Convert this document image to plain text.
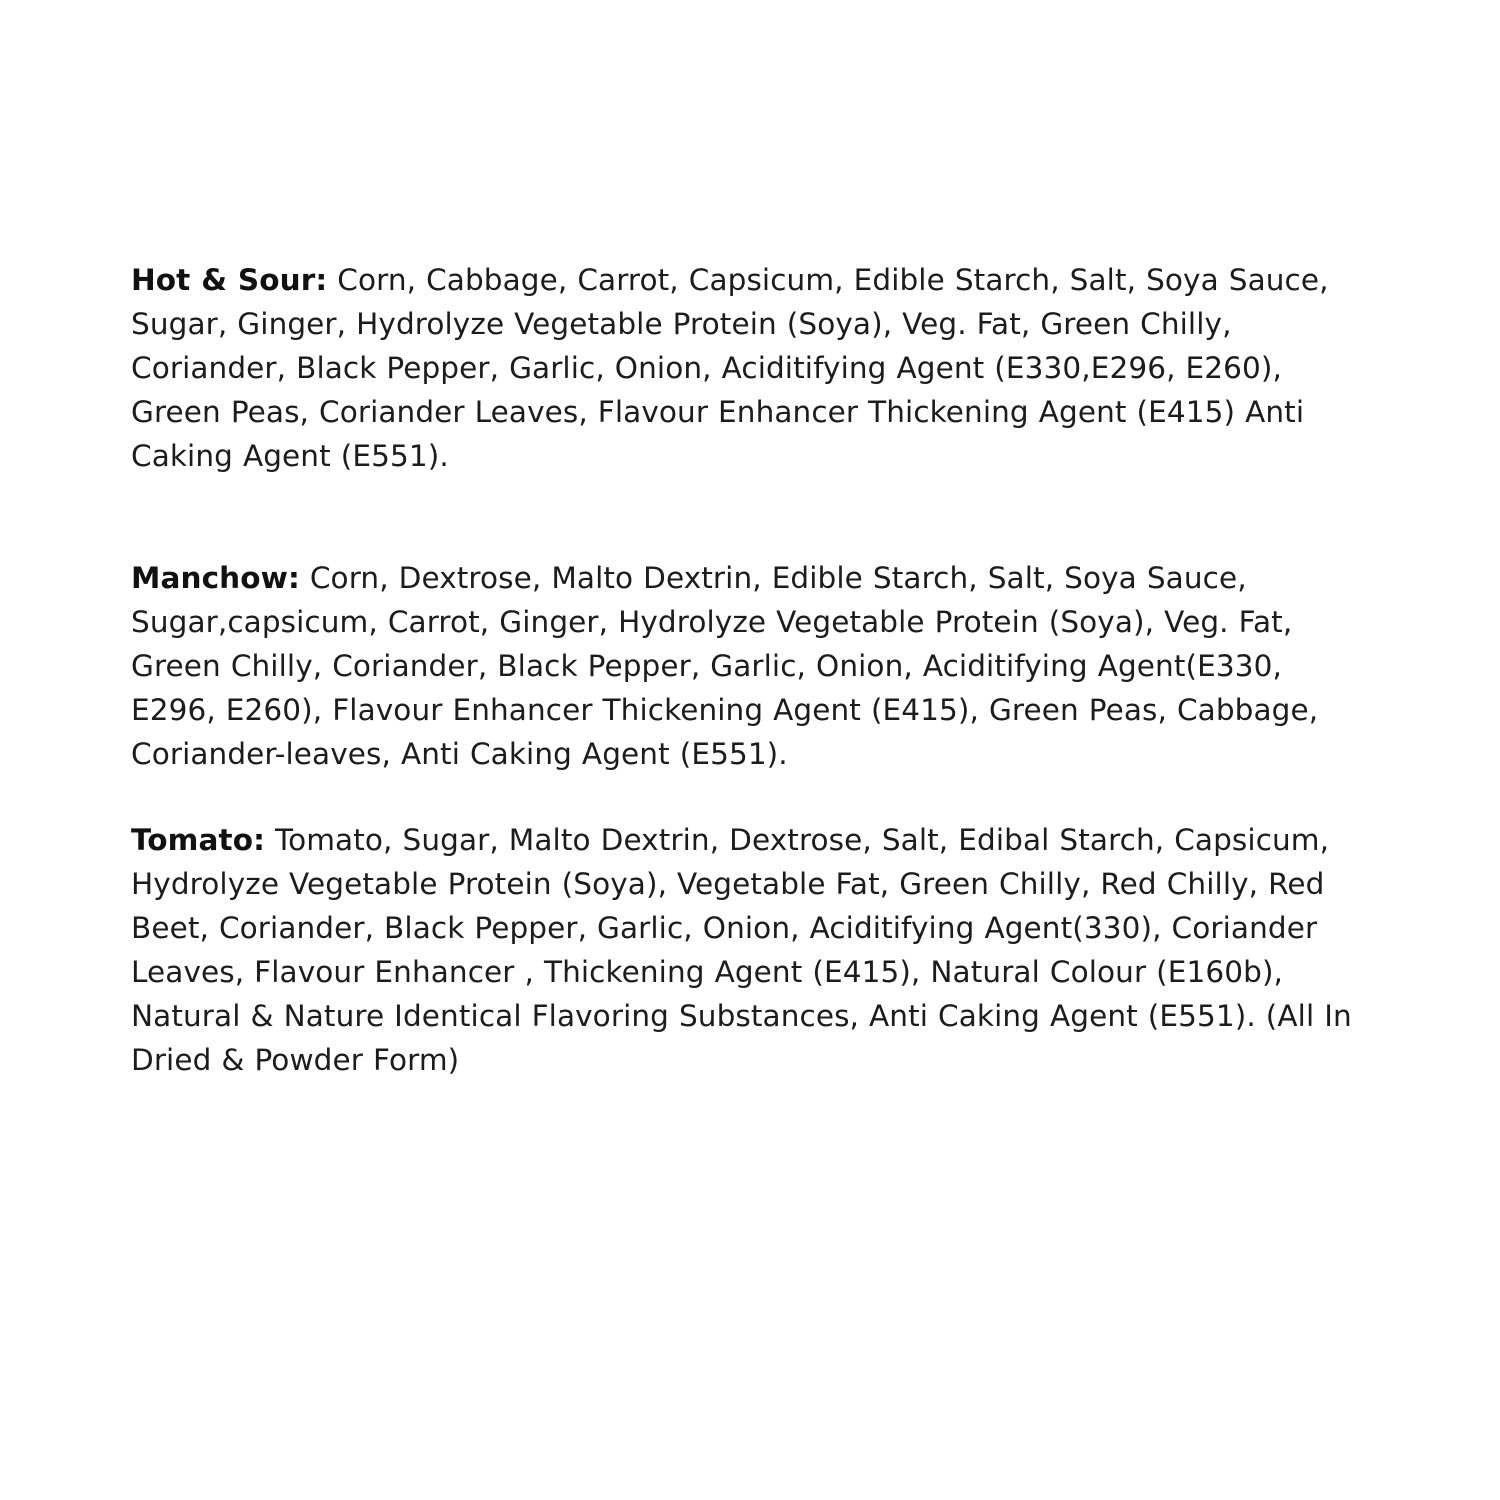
Hot & Sour: Corn, Cabbage, Carrot, Capsicum, Edible Starch, Salt, Soya Sauce, Sugar, Ginger, Hydrolyze Vegetable Protein (Soya), Veg. Fat, Green Chilly, Coriander, Black Pepper, Garlic, Onion, Aciditifying Agent (E330,E296, E260), Green Peas, Coriander Leaves, Flavour Enhancer Thickening Agent (E415) Anti Caking Agent (E551).

Manchow: Corn, Dextrose, Malto Dextrin, Edible Starch, Salt, Soya Sauce, Sugar,capsicum, Carrot, Ginger, Hydrolyze Vegetable Protein (Soya), Veg. Fat, Green Chilly, Coriander, Black Pepper, Garlic, Onion, Aciditifying Agent(E330, E296, E260), Flavour Enhancer Thickening Agent (E415), Green Peas, Cabbage, Coriander-leaves, Anti Caking Agent (E551).

Tomato: Tomato, Sugar, Malto Dextrin, Dextrose, Salt, Edibal Starch, Capsicum, Hydrolyze Vegetable Protein (Soya), Vegetable Fat, Green Chilly, Red Chilly, Red Beet, Coriander, Black Pepper, Garlic, Onion, Aciditifying Agent(330), Coriander Leaves, Flavour Enhancer , Thickening Agent (E415), Natural Colour (E160b), Natural & Nature Identical Flavoring Substances, Anti Caking Agent (E551). (All In Dried & Powder Form)
